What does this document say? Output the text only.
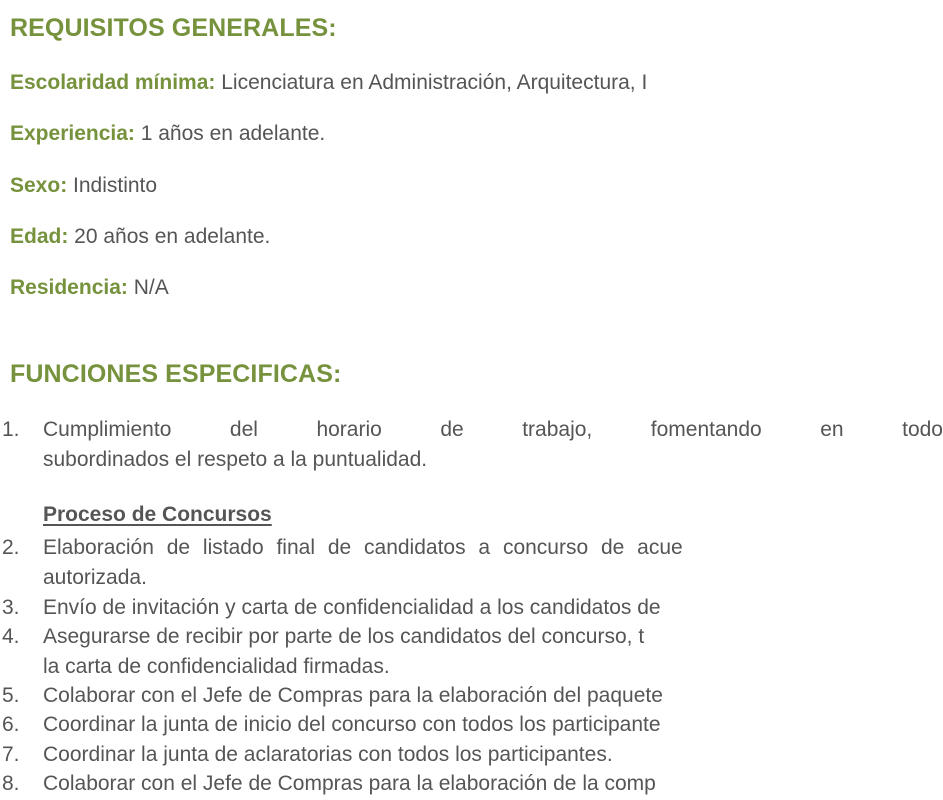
REQUISITOS GENERALES:
Escolaridad mínima: Licenciatura en Administración, Arquitectura, I
Experiencia: 1 años en adelante.
Sexo: Indistinto
Edad: 20 años en adelante.
Residencia: N/A
FUNCIONES ESPECIFICAS:
1.	Cumplimiento del horario de trabajo, fomentando en todo
subordinados el respeto a la puntualidad.
Proceso de Concursos
2.	Elaboración de listado final de candidatos a concurso de acue
autorizada.
3.	Envío de invitación y carta de confidencialidad a los candidatos de
4.	Asegurarse de recibir por parte de los candidatos del concurso, t
la carta de confidencialidad firmadas.
5.	Colaborar con el Jefe de Compras para la elaboración del paquete
6.	Coordinar la junta de inicio del concurso con todos los participante
7.	Coordinar la junta de aclaratorias con todos los participantes.
8.	Colaborar con el Jefe de Compras para la elaboración de la comp
